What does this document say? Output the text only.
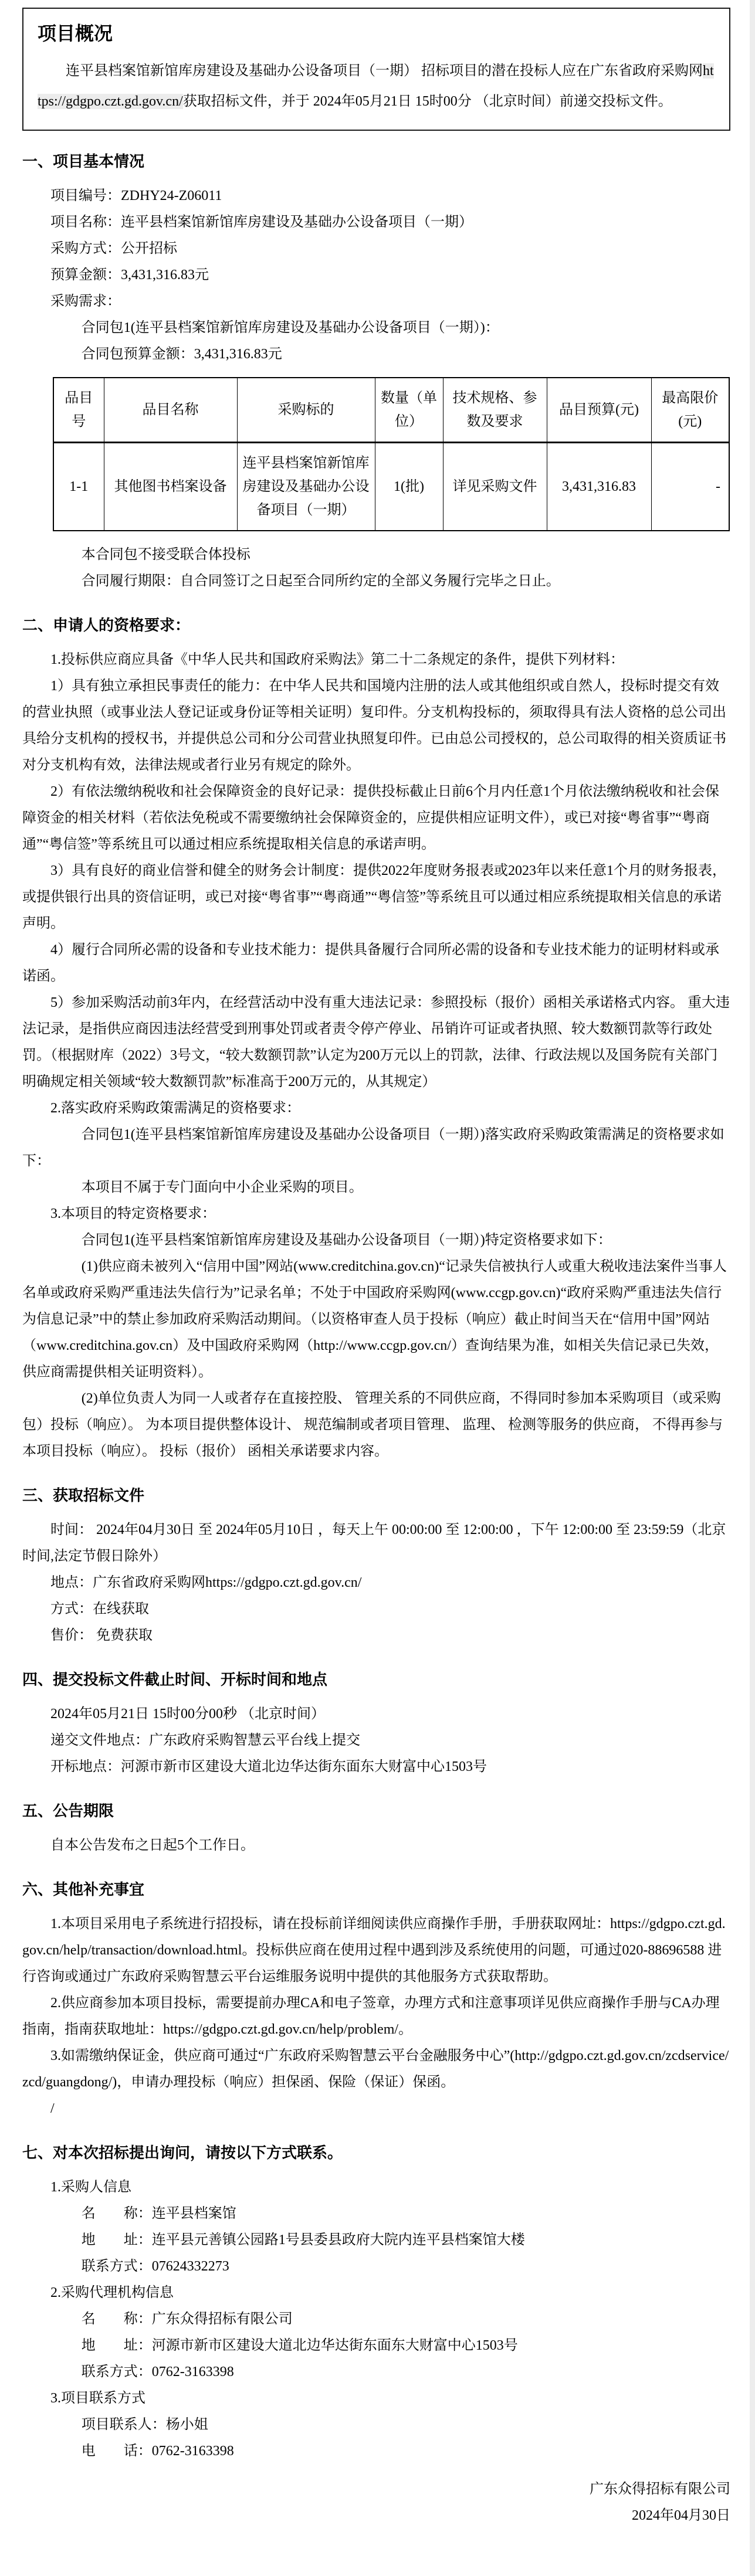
项目概况

连平县档案馆新馆库房建设及基础办公设备项目（一期） 招标项目的潜在投标人应在广东省政府采购网https://gdgpo.czt.gd.gov.cn/获取招标文件，并于 2024年05月21日 15时00分 （北京时间）前递交投标文件。

一、项目基本情况

项目编号：ZDHY24-Z06011

项目名称：连平县档案馆新馆库房建设及基础办公设备项目（一期）

采购方式：公开招标

预算金额：3,431,316.83元

采购需求：

合同包1(连平县档案馆新馆库房建设及基础办公设备项目（一期）)：

合同包预算金额：3,431,316.83元

品目号	品目名称	采购标的	数量（单位）	技术规格、参数及要求	品目预算(元)	最高限价(元)
1-1	其他图书档案设备	连平县档案馆新馆库房建设及基础办公设备项目（一期）	1(批)	详见采购文件	3,431,316.83	-

本合同包不接受联合体投标

合同履行期限：自合同签订之日起至合同所约定的全部义务履行完毕之日止。

二、申请人的资格要求：

1.投标供应商应具备《中华人民共和国政府采购法》第二十二条规定的条件，提供下列材料：

1）具有独立承担民事责任的能力：在中华人民共和国境内注册的法人或其他组织或自然人，投标时提交有效的营业执照（或事业法人登记证或身份证等相关证明）复印件。分支机构投标的，须取得具有法人资格的总公司出具给分支机构的授权书，并提供总公司和分公司营业执照复印件。已由总公司授权的，总公司取得的相关资质证书对分支机构有效，法律法规或者行业另有规定的除外。

2）有依法缴纳税收和社会保障资金的良好记录：提供投标截止日前6个月内任意1个月依法缴纳税收和社会保障资金的相关材料（若依法免税或不需要缴纳社会保障资金的，应提供相应证明文件），或已对接“粤省事”“粤商通”“粤信签”等系统且可以通过相应系统提取相关信息的承诺声明。

3）具有良好的商业信誉和健全的财务会计制度：提供2022年度财务报表或2023年以来任意1个月的财务报表，或提供银行出具的资信证明，或已对接“粤省事”“粤商通”“粤信签”等系统且可以通过相应系统提取相关信息的承诺声明。

4）履行合同所必需的设备和专业技术能力：提供具备履行合同所必需的设备和专业技术能力的证明材料或承诺函。

5）参加采购活动前3年内，在经营活动中没有重大违法记录：参照投标（报价）函相关承诺格式内容。 重大违法记录，是指供应商因违法经营受到刑事处罚或者责令停产停业、吊销许可证或者执照、较大数额罚款等行政处罚。（根据财库（2022）3号文，“较大数额罚款”认定为200万元以上的罚款，法律、行政法规以及国务院有关部门明确规定相关领域“较大数额罚款”标准高于200万元的，从其规定）

2.落实政府采购政策需满足的资格要求：

合同包1(连平县档案馆新馆库房建设及基础办公设备项目（一期）)落实政府采购政策需满足的资格要求如下：

本项目不属于专门面向中小企业采购的项目。

3.本项目的特定资格要求：

合同包1(连平县档案馆新馆库房建设及基础办公设备项目（一期）)特定资格要求如下：

(1)供应商未被列入“信用中国”网站(www.creditchina.gov.cn)“记录失信被执行人或重大税收违法案件当事人名单或政府采购严重违法失信行为”记录名单；不处于中国政府采购网(www.ccgp.gov.cn)“政府采购严重违法失信行为信息记录”中的禁止参加政府采购活动期间。（以资格审查人员于投标（响应）截止时间当天在“信用中国”网站（www.creditchina.gov.cn）及中国政府采购网（http://www.ccgp.gov.cn/）查询结果为准，如相关失信记录已失效，供应商需提供相关证明资料）。

(2)单位负责人为同一人或者存在直接控股、 管理关系的不同供应商，不得同时参加本采购项目（或采购包）投标（响应）。 为本项目提供整体设计、 规范编制或者项目管理、 监理、 检测等服务的供应商， 不得再参与本项目投标（响应）。 投标（报价） 函相关承诺要求内容。

三、获取招标文件

时间： 2024年04月30日 至 2024年05月10日 ，每天上午 00:00:00 至 12:00:00 ，下午 12:00:00 至 23:59:59（北京时间,法定节假日除外）

地点：广东省政府采购网https://gdgpo.czt.gd.gov.cn/

方式：在线获取

售价： 免费获取

四、提交投标文件截止时间、开标时间和地点

2024年05月21日 15时00分00秒 （北京时间）

递交文件地点：广东政府采购智慧云平台线上提交

开标地点：河源市新市区建设大道北边华达街东面东大财富中心1503号

五、公告期限

自本公告发布之日起5个工作日。

六、其他补充事宜

1.本项目采用电子系统进行招投标，请在投标前详细阅读供应商操作手册，手册获取网址：https://gdgpo.czt.gd.gov.cn/help/transaction/download.html。投标供应商在使用过程中遇到涉及系统使用的问题，可通过020-88696588 进行咨询或通过广东政府采购智慧云平台运维服务说明中提供的其他服务方式获取帮助。

2.供应商参加本项目投标，需要提前办理CA和电子签章，办理方式和注意事项详见供应商操作手册与CA办理指南，指南获取地址：https://gdgpo.czt.gd.gov.cn/help/problem/。

3.如需缴纳保证金，供应商可通过“广东政府采购智慧云平台金融服务中心”(http://gdgpo.czt.gd.gov.cn/zcdservice/zcd/guangdong/)，申请办理投标（响应）担保函、保险（保证）保函。

/

七、对本次招标提出询问，请按以下方式联系。

1.采购人信息

名　　称：连平县档案馆

地　　址：连平县元善镇公园路1号县委县政府大院内连平县档案馆大楼

联系方式：07624332273

2.采购代理机构信息

名　　称：广东众得招标有限公司

地　　址：河源市新市区建设大道北边华达街东面东大财富中心1503号

联系方式：0762-3163398

3.项目联系方式

项目联系人：杨小姐

电　　话：0762-3163398

广东众得招标有限公司

2024年04月30日
